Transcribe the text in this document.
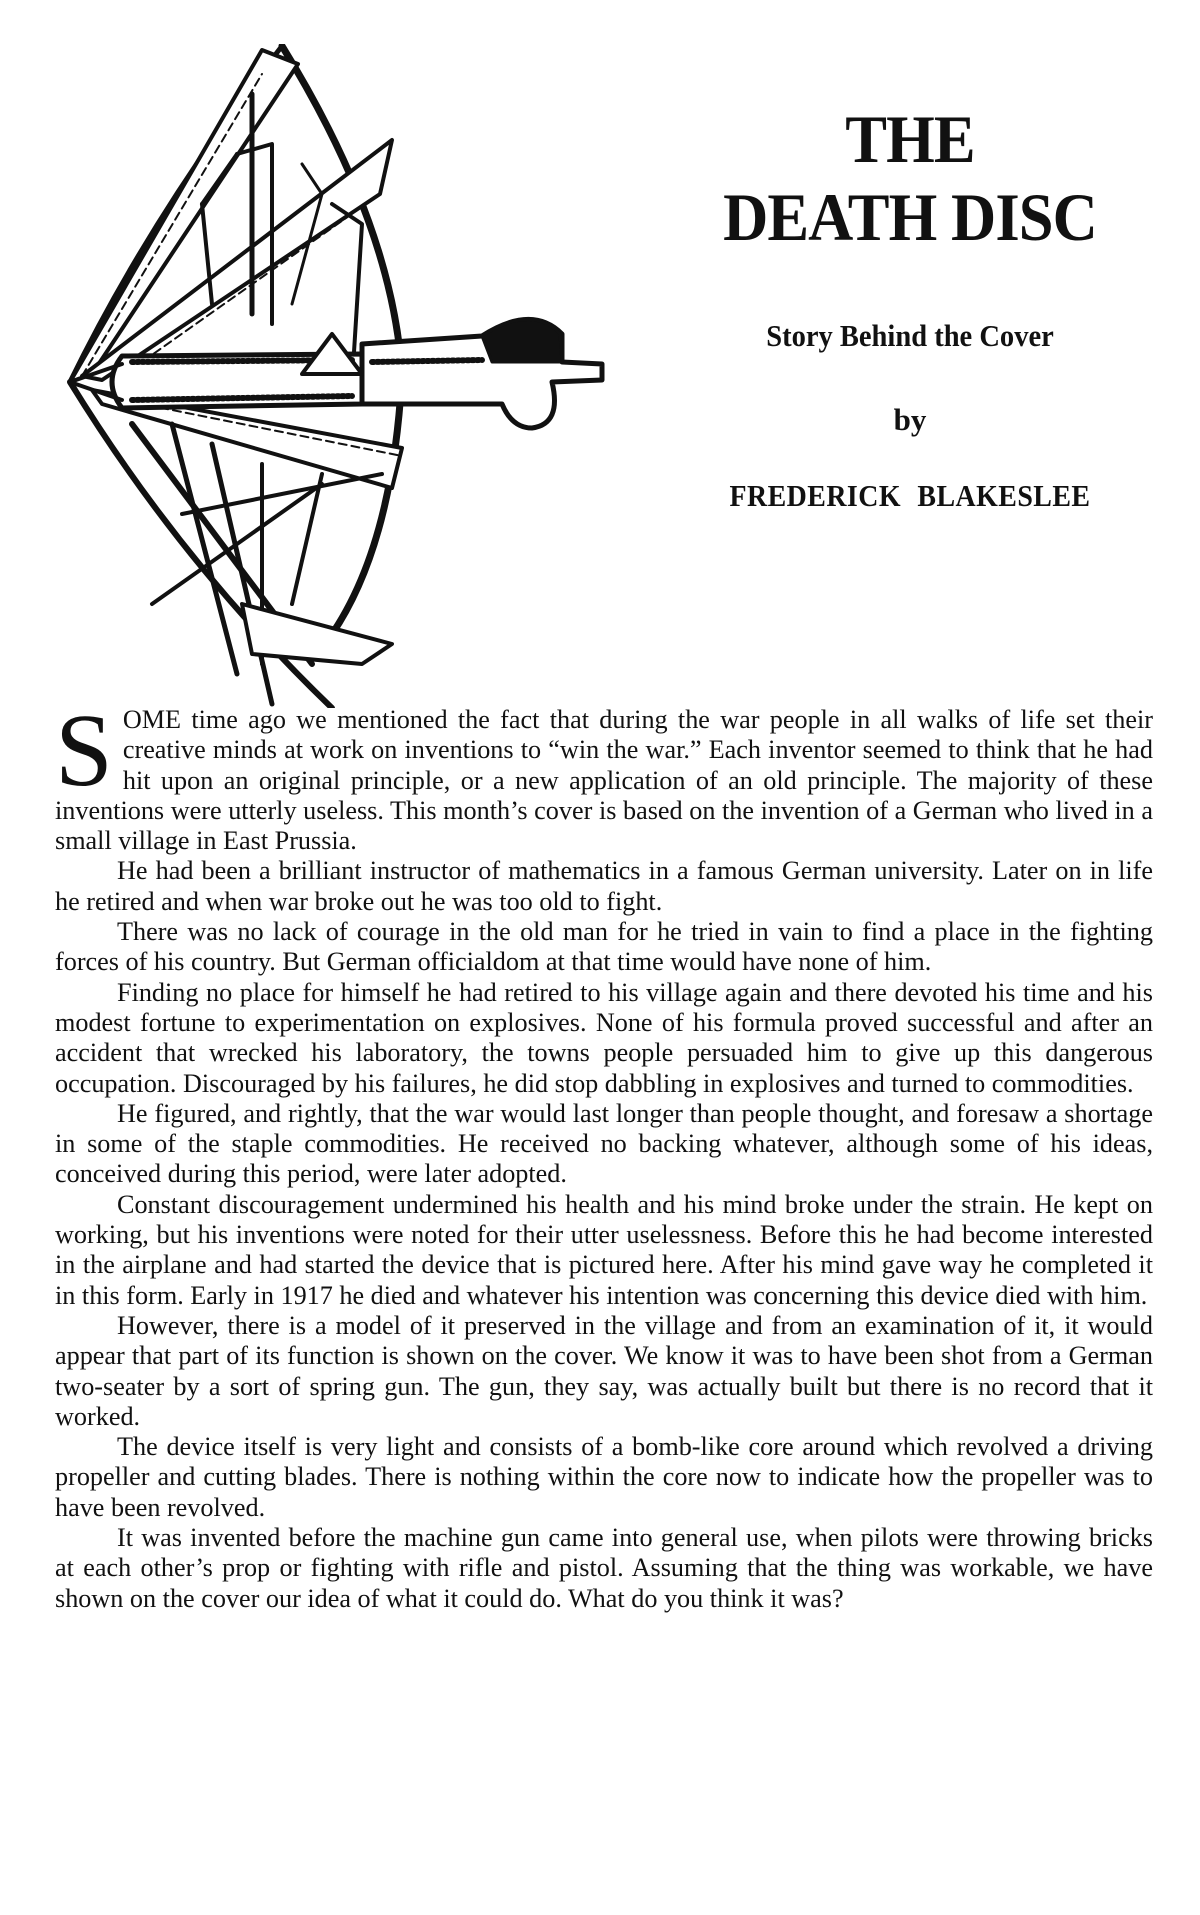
THE
DEATH DISC
Story Behind the Cover
by
FREDERICK BLAKESLEE

SOME time ago we mentioned the fact that during the war people in all walks of life set their creative minds at work on inventions to “win the war.” Each inventor seemed to think that he had hit upon an original principle, or a new application of an old principle. The majority of these inventions were utterly useless. This month’s cover is based on the invention of a German who lived in a small village in East Prussia.

He had been a brilliant instructor of mathematics in a famous German university. Later on in life he retired and when war broke out he was too old to fight.

There was no lack of courage in the old man for he tried in vain to find a place in the fighting forces of his country. But German officialdom at that time would have none of him.

Finding no place for himself he had retired to his village again and there devoted his time and his modest fortune to experimentation on explosives. None of his formula proved successful and after an accident that wrecked his laboratory, the towns people persuaded him to give up this dangerous occupation. Discouraged by his failures, he did stop dabbling in explosives and turned to commodities.

He figured, and rightly, that the war would last longer than people thought, and foresaw a shortage in some of the staple commodities. He received no backing whatever, although some of his ideas, conceived during this period, were later adopted.

Constant discouragement undermined his health and his mind broke under the strain. He kept on working, but his inventions were noted for their utter uselessness. Before this he had become interested in the airplane and had started the device that is pictured here. After his mind gave way he completed it in this form. Early in 1917 he died and whatever his intention was concerning this device died with him.

However, there is a model of it preserved in the village and from an examination of it, it would appear that part of its function is shown on the cover. We know it was to have been shot from a German two-seater by a sort of spring gun. The gun, they say, was actually built but there is no record that it worked.

The device itself is very light and consists of a bomb-like core around which revolved a driving propeller and cutting blades. There is nothing within the core now to indicate how the propeller was to have been revolved.

It was invented before the machine gun came into general use, when pilots were throwing bricks at each other’s prop or fighting with rifle and pistol. Assuming that the thing was workable, we have shown on the cover our idea of what it could do. What do you think it was?
